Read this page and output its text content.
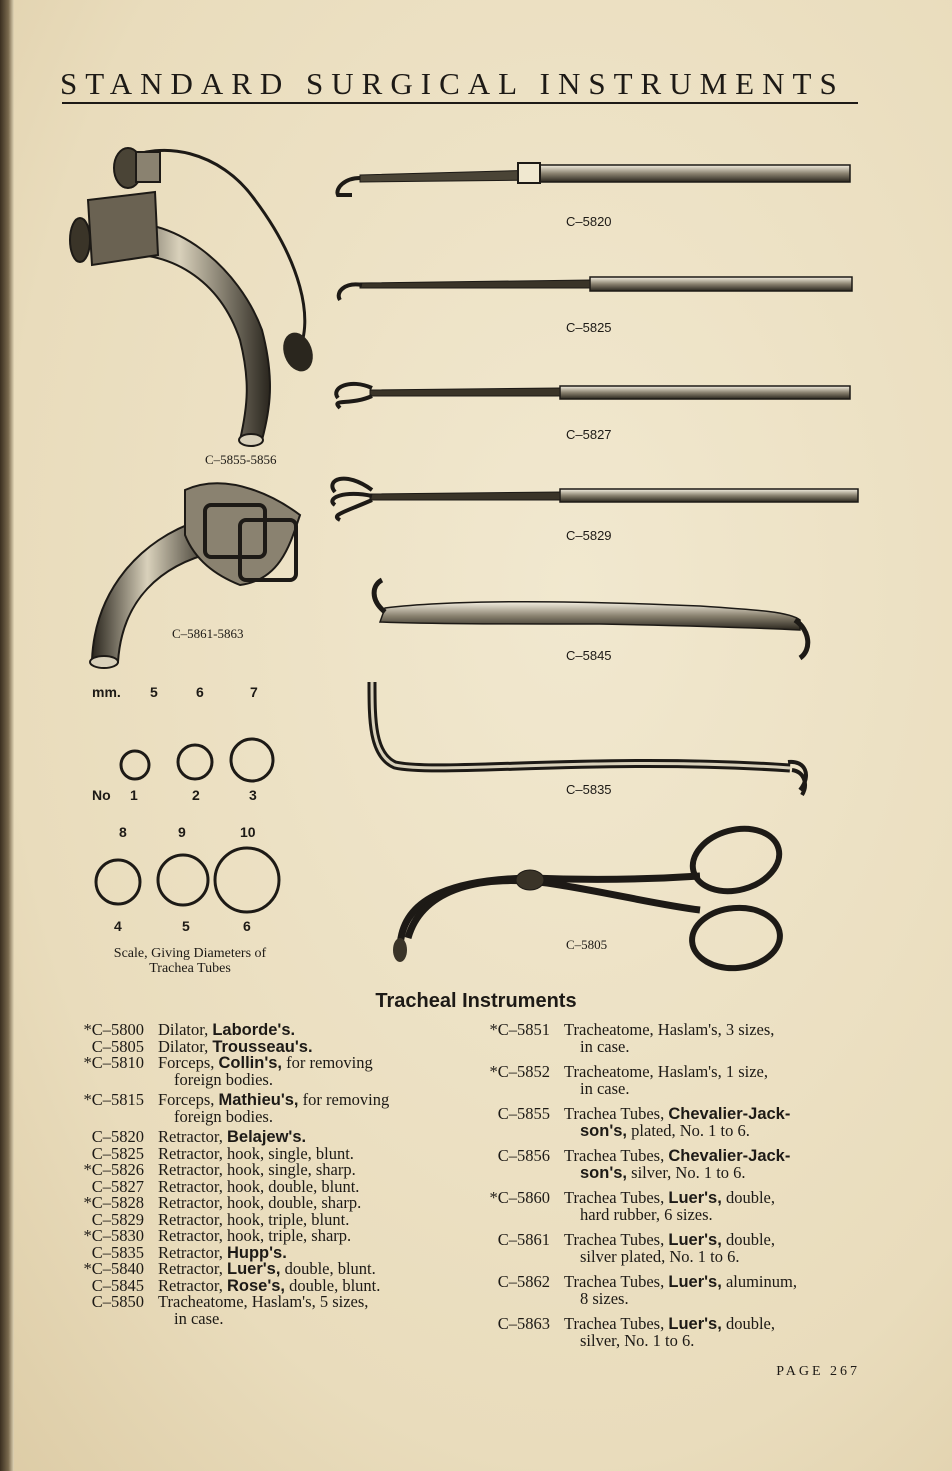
STANDARD SURGICAL INSTRUMENTS
C–5820
C–5825
C–5827
C–5829
C–5845
C–5835
C–5805
C–5855-5856
C–5861-5863
mm. 5	6	7
No 1	2	3
8	9	10
4	5	6
Scale, Giving Diameters of
Trachea Tubes
Tracheal Instruments
*C–5800 Dilator, Laborde's.
C–5805 Dilator, Trousseau's.
*C–5810 Forceps, Collin's, for removing
foreign bodies.
*C–5815 Forceps, Mathieu's, for removing
foreign bodies.
C–5820 Retractor, Belajew's.
C–5825 Retractor, hook, single, blunt.
*C–5826 Retractor, hook, single, sharp.
C–5827 Retractor, hook, double, blunt.
*C–5828 Retractor, hook, double, sharp.
C–5829 Retractor, hook, triple, blunt.
*C–5830 Retractor, hook, triple, sharp.
C–5835 Retractor, Hupp's.
*C–5840 Retractor, Luer's, double, blunt.
C–5845 Retractor, Rose's, double, blunt.
C–5850 Tracheatome, Haslam's, 5 sizes,
in case.
*C–5851 Tracheatome, Haslam's, 3 sizes,
in case.
*C–5852 Tracheatome, Haslam's, 1 size,
in case.
C–5855 Trachea Tubes, Chevalier-Jack-
son's, plated, No. 1 to 6.
C–5856 Trachea Tubes, Chevalier-Jack-
son's, silver, No. 1 to 6.
*C–5860 Trachea Tubes, Luer's, double,
hard rubber, 6 sizes.
C–5861 Trachea Tubes, Luer's, double,
silver plated, No. 1 to 6.
C–5862 Trachea Tubes, Luer's, aluminum,
8 sizes.
C–5863 Trachea Tubes, Luer's, double,
silver, No. 1 to 6.
PAGE 267
